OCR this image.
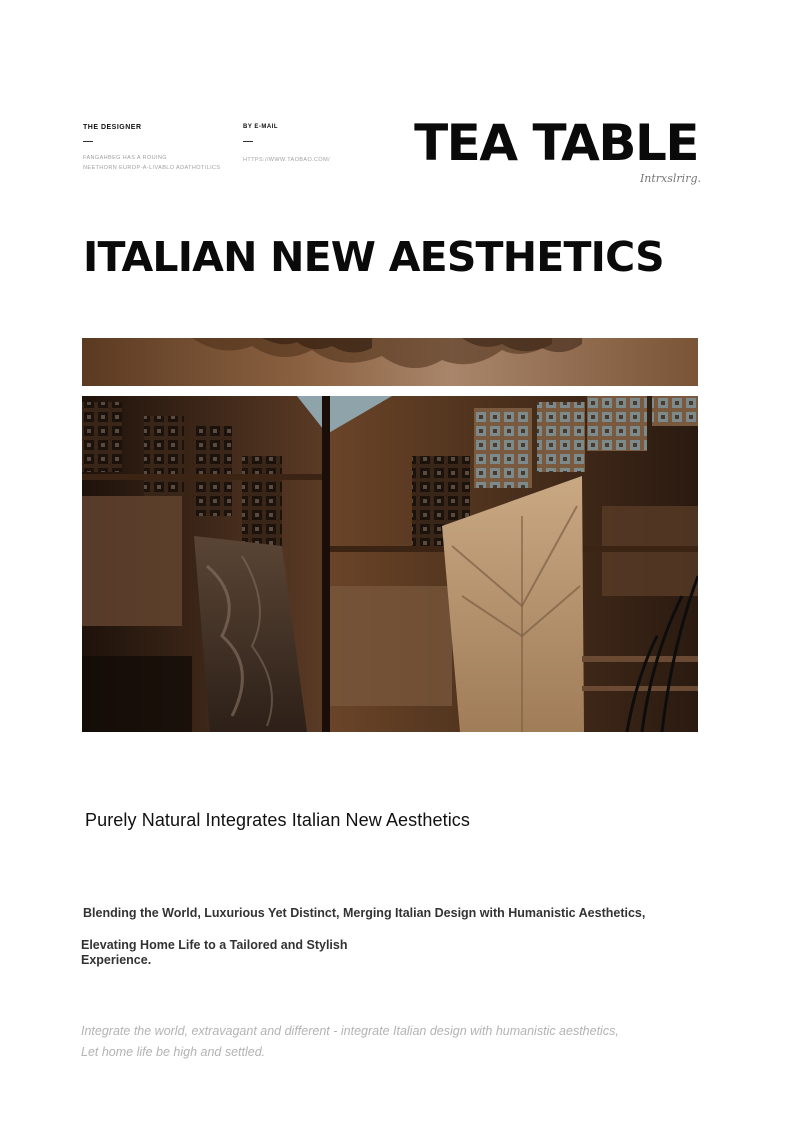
THE DESIGNER
FANGAHBEG HAS A ROUING
NEETHORN EUROP-A-LIVABLO ADATHOTILICS
BY E-MAIL
HTTPS://WWW.TAOBAO.COM/ TEA TABLE
Intrxslrirg.
ITALIAN NEW AESTHETICS
Purely Natural Integrates Italian New Aesthetics
Blending the World, Luxurious Yet Distinct, Merging Italian Design with Humanistic Aesthetics,
Elevating Home Life to a Tailored and Stylish
Experience.
Integrate the world, extravagant and different - integrate Italian design with humanistic aesthetics,
Let home life be high and settled.
